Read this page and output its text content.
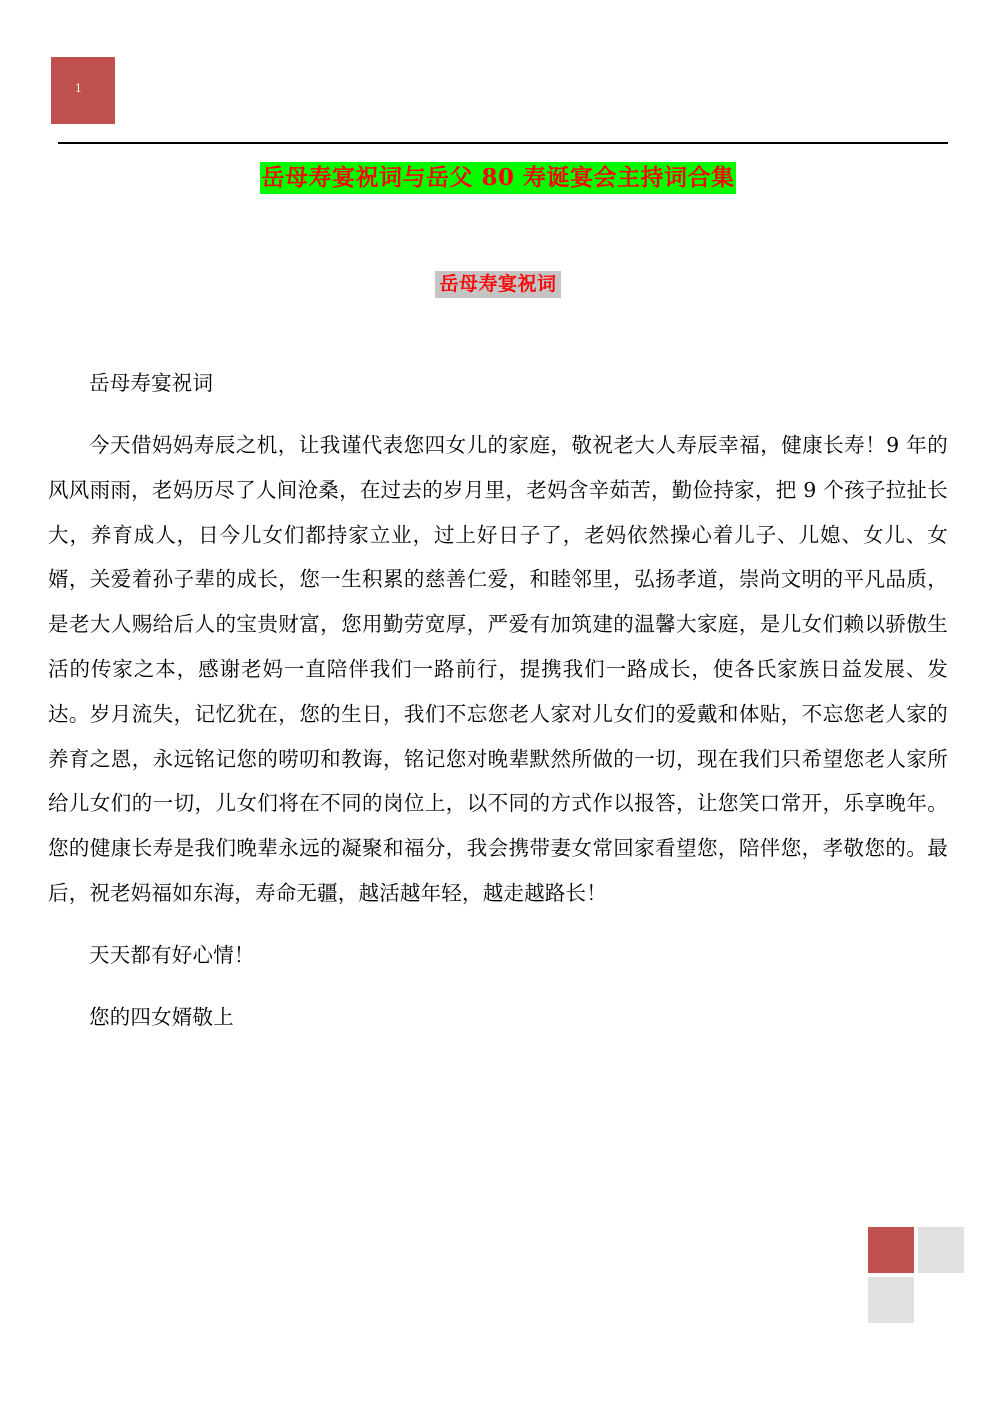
1
岳母寿宴祝词与岳父 80 寿诞宴会主持词合集
岳母寿宴祝词

岳母寿宴祝词

今天借妈妈寿辰之机，让我谨代表您四女儿的家庭，敬祝老大人寿辰幸福，健康长寿！9 年的风风雨雨，老妈历尽了人间沧桑，在过去的岁月里，老妈含辛茹苦，勤俭持家，把 9 个孩子拉扯长大，养育成人，日今儿女们都持家立业，过上好日子了，老妈依然操心着儿子、儿媳、女儿、女婿，关爱着孙子辈的成长，您一生积累的慈善仁爱，和睦邻里，弘扬孝道，崇尚文明的平凡品质，是老大人赐给后人的宝贵财富，您用勤劳宽厚，严爱有加筑建的温馨大家庭，是儿女们赖以骄傲生活的传家之本，感谢老妈一直陪伴我们一路前行，提携我们一路成长，使各氏家族日益发展、发达。岁月流失，记忆犹在，您的生日，我们不忘您老人家对儿女们的爱戴和体贴，不忘您老人家的养育之恩，永远铭记您的唠叨和教诲，铭记您对晚辈默然所做的一切，现在我们只希望您老人家所给儿女们的一切，儿女们将在不同的岗位上，以不同的方式作以报答，让您笑口常开，乐享晚年。您的健康长寿是我们晚辈永远的凝聚和福分，我会携带妻女常回家看望您，陪伴您，孝敬您的。最后，祝老妈福如东海，寿命无疆，越活越年轻，越走越路长！

天天都有好心情！

您的四女婿敬上
